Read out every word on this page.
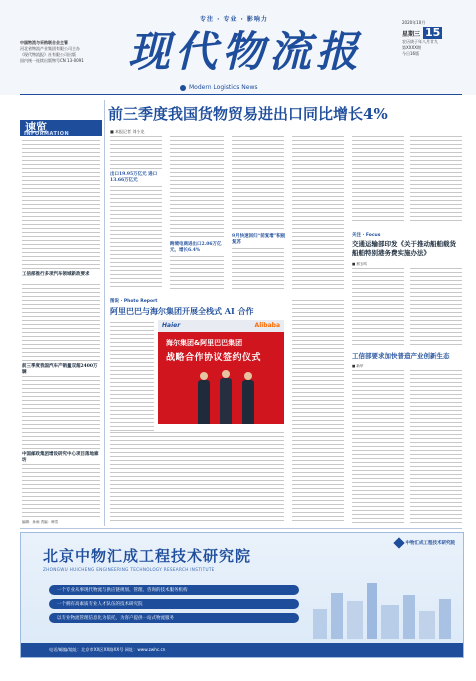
中国物流与采购联合会主管
河北省物流产业集团有限公司主办
《现代物流报》社有限公司出版
国内统一连续出版物号CN 13-0091
专注 · 专业 · 影响力
现代物流报
Modern Logistics News
2020年10月
星期三 15
农历庚子年八月廿九
第XXXX期
今日16版
速览
INFORMATION
工信部推行多项汽车领域新政要求
前三季度我国汽车产销量双超2400万辆
中国邮政集团增设研究中心项目落地廊坊
编辑：孙雨 责编：韩雪
前三季度我国货物贸易进出口同比增长4%
■ 本报记者 刘小龙
出口19.95万亿元 进口13.66万亿元
跨境电商进出口2.06万亿元，增长6.4%
9月快速回归“前复增”积极复苏
关注 · Focus
交通运输部印发《关于推动船舶载货船舶特别港务费实施办法》
■ 邢玉鸣
图说 · Photo Report
阿里巴巴与海尔集团开展全栈式 AI 合作
Haier	Alibaba
海尔集团&阿里巴巴集团
战略合作协议签约仪式	工信部要求加快普造产业创新生态
■ 新华
中物汇成工程技术研究院
北京中物汇成工程技术研究院
ZHONGWU HUICHENG ENGINEERING TECHNOLOGY RESEARCH INSTITUTE
一个专业从事现代物流与供应链规划、管理、咨询的技术服务机构
一个拥有高素质专业人才队伍的技术研究院
以专业物流管理信息化为依托，为客户提供一站式物流服务
电话/邮编/地址：北京市XX区XX路XX号 网址：www.zwhc.cn
